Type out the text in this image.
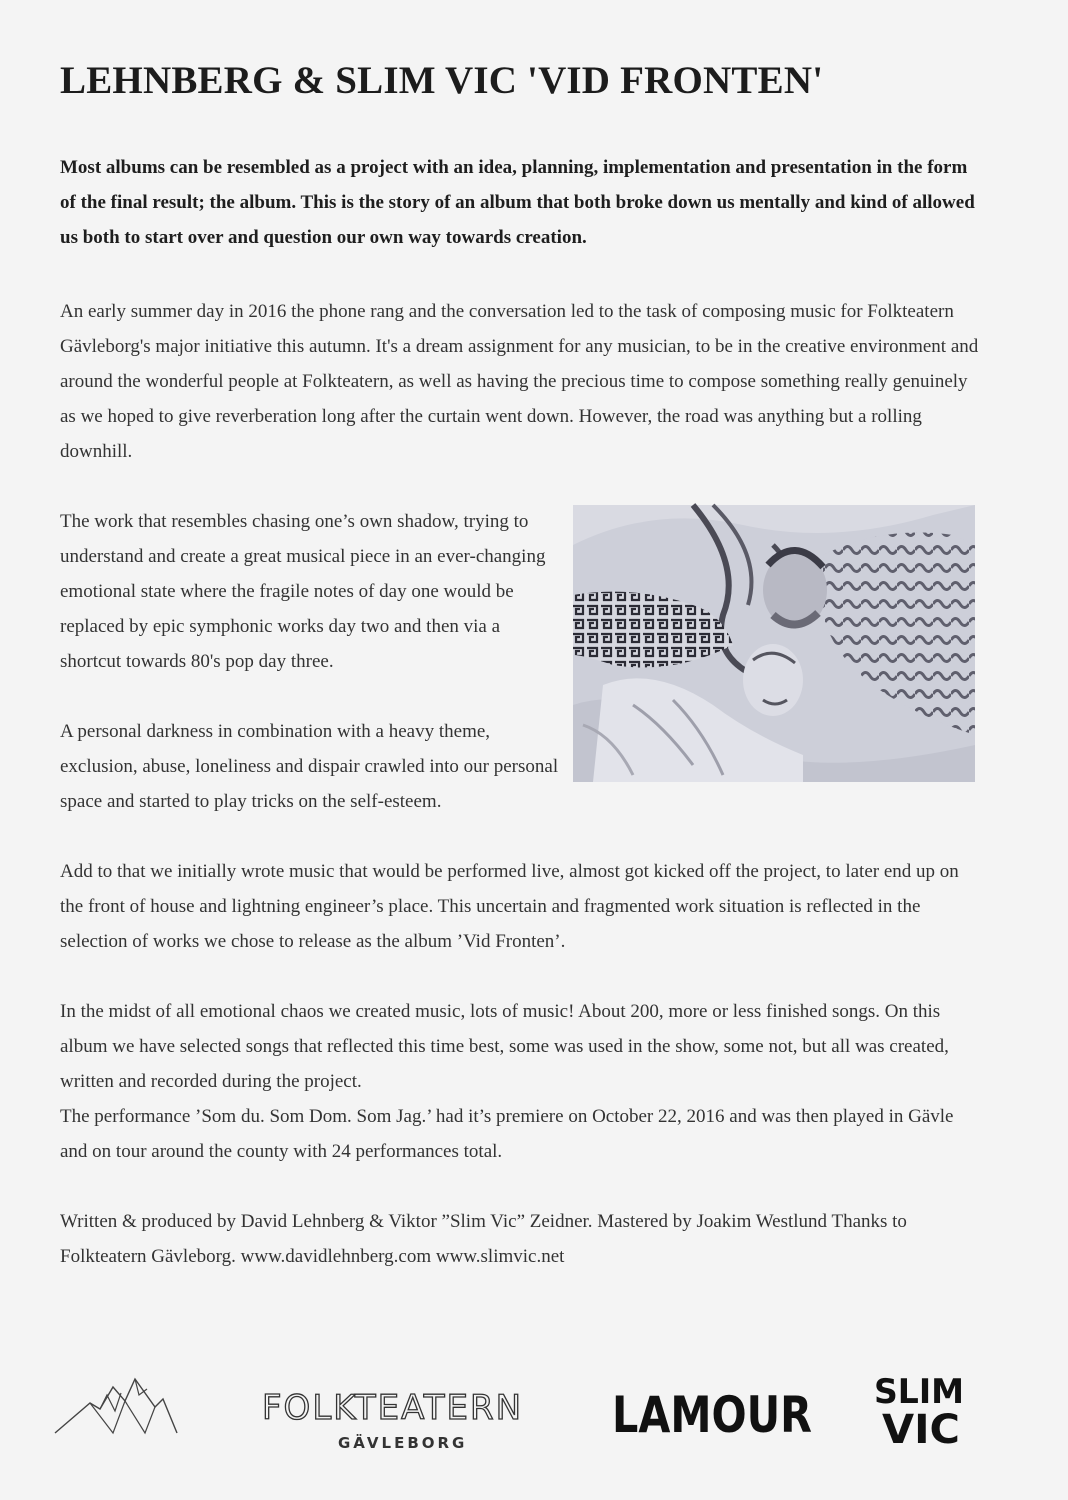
LEHNBERG & SLIM VIC 'VID FRONTEN'

Most albums can be resembled as a project with an idea, planning, implementation and presentation in the form of the final result; the album. This is the story of an album that both broke down us mentally and kind of allowed us both to start over and question our own way towards creation.

An early summer day in 2016 the phone rang and the conversation led to the task of composing music for Folkteatern Gävleborg's major initiative this autumn. It's a dream assignment for any musician, to be in the creative environment and around the wonderful people at Folkteatern, as well as having the precious time to compose something really genuinely as we hoped to give reverberation long after the curtain went down. However, the road was anything but a rolling downhill.

The work that resembles chasing one’s own shadow, trying to understand and create a great musical piece in an ever-changing emotional state where the fragile notes of day one would be replaced by epic symphonic works day two and then via a shortcut towards 80's pop day three.

A personal darkness in combination with a heavy theme, exclusion, abuse, loneliness and dispair crawled into our personal space and started to play tricks on the self-esteem.

Add to that we initially wrote music that would be performed live, almost got kicked off the project, to later end up on the front of house and lightning engineer’s place. This uncertain and fragmented work situation is reflected in the selection of works we chose to release as the album ’Vid Fronten’.

In the midst of all emotional chaos we created music, lots of music! About 200, more or less finished songs. On this album we have selected songs that reflected this time best, some was used in the show, some not, but all was created, written and recorded during the project.

The performance ’Som du. Som Dom. Som Jag.’ had it’s premiere on October 22, 2016 and was then played in Gävle and on tour around the county with 24 performances total.

Written & produced by David Lehnberg & Viktor ”Slim Vic” Zeidner. Mastered by Joakim Westlund Thanks to Folkteatern Gävleborg. www.davidlehnberg.com www.slimvic.net

FOLKTEATERN
GÄVLEBORG	LAMOUR SLIM
VIC
